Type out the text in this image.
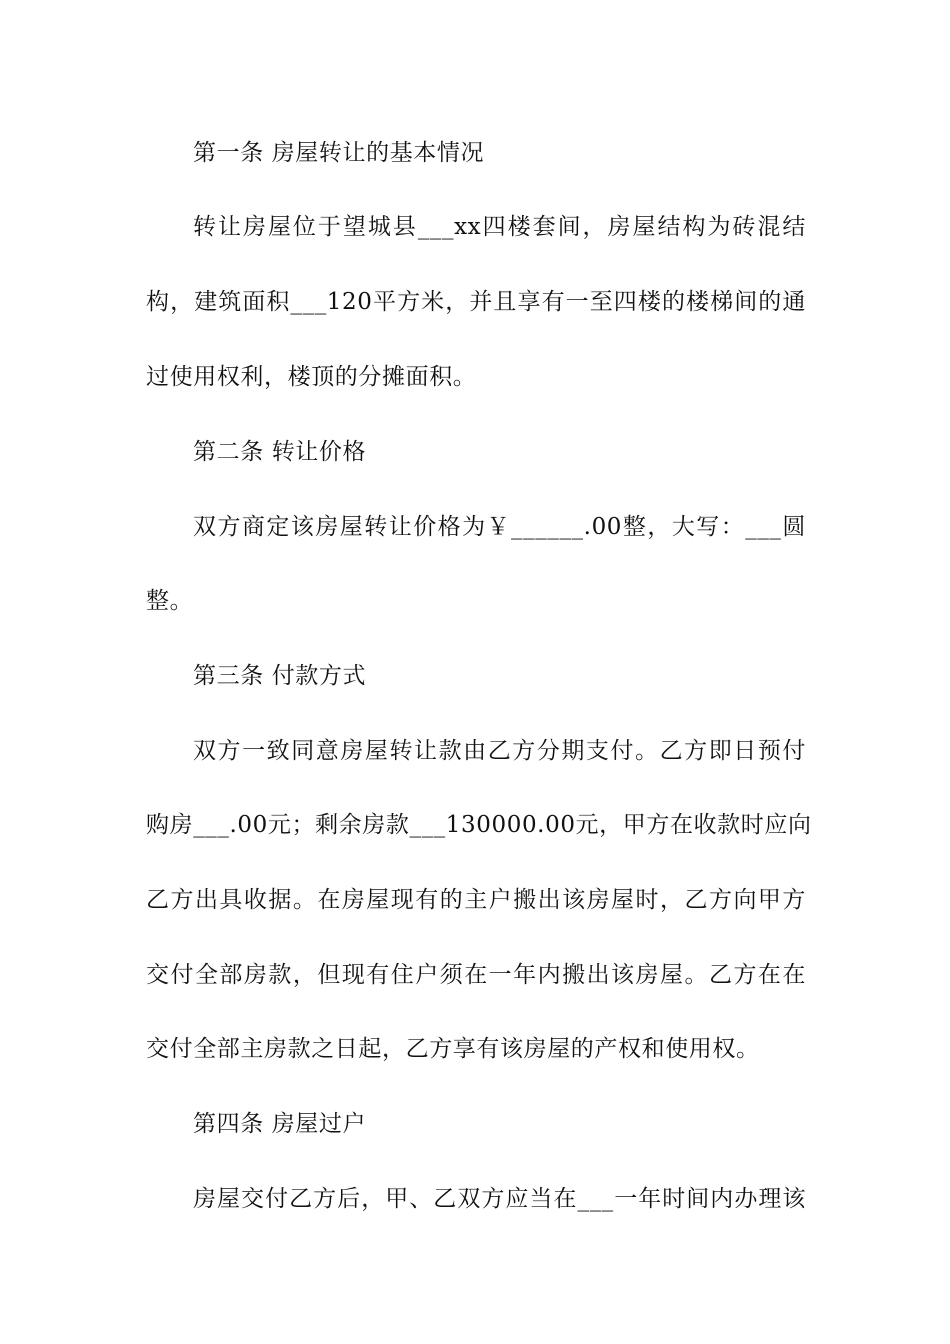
第一条 房屋转让的基本情况
转让房屋位于望城县___xx四楼套间，房屋结构为砖混结
构，建筑面积___120平方米，并且享有一至四楼的楼梯间的通
过使用权利，楼顶的分摊面积。
第二条 转让价格
双方商定该房屋转让价格为￥______.00整，大写：___圆
整。
第三条 付款方式
双方一致同意房屋转让款由乙方分期支付。乙方即日预付
购房___.00元；剩余房款___130000.00元，甲方在收款时应向
乙方出具收据。在房屋现有的主户搬出该房屋时，乙方向甲方
交付全部房款，但现有住户须在一年内搬出该房屋。乙方在在
交付全部主房款之日起，乙方享有该房屋的产权和使用权。
第四条 房屋过户
房屋交付乙方后，甲、乙双方应当在___一年时间内办理该
